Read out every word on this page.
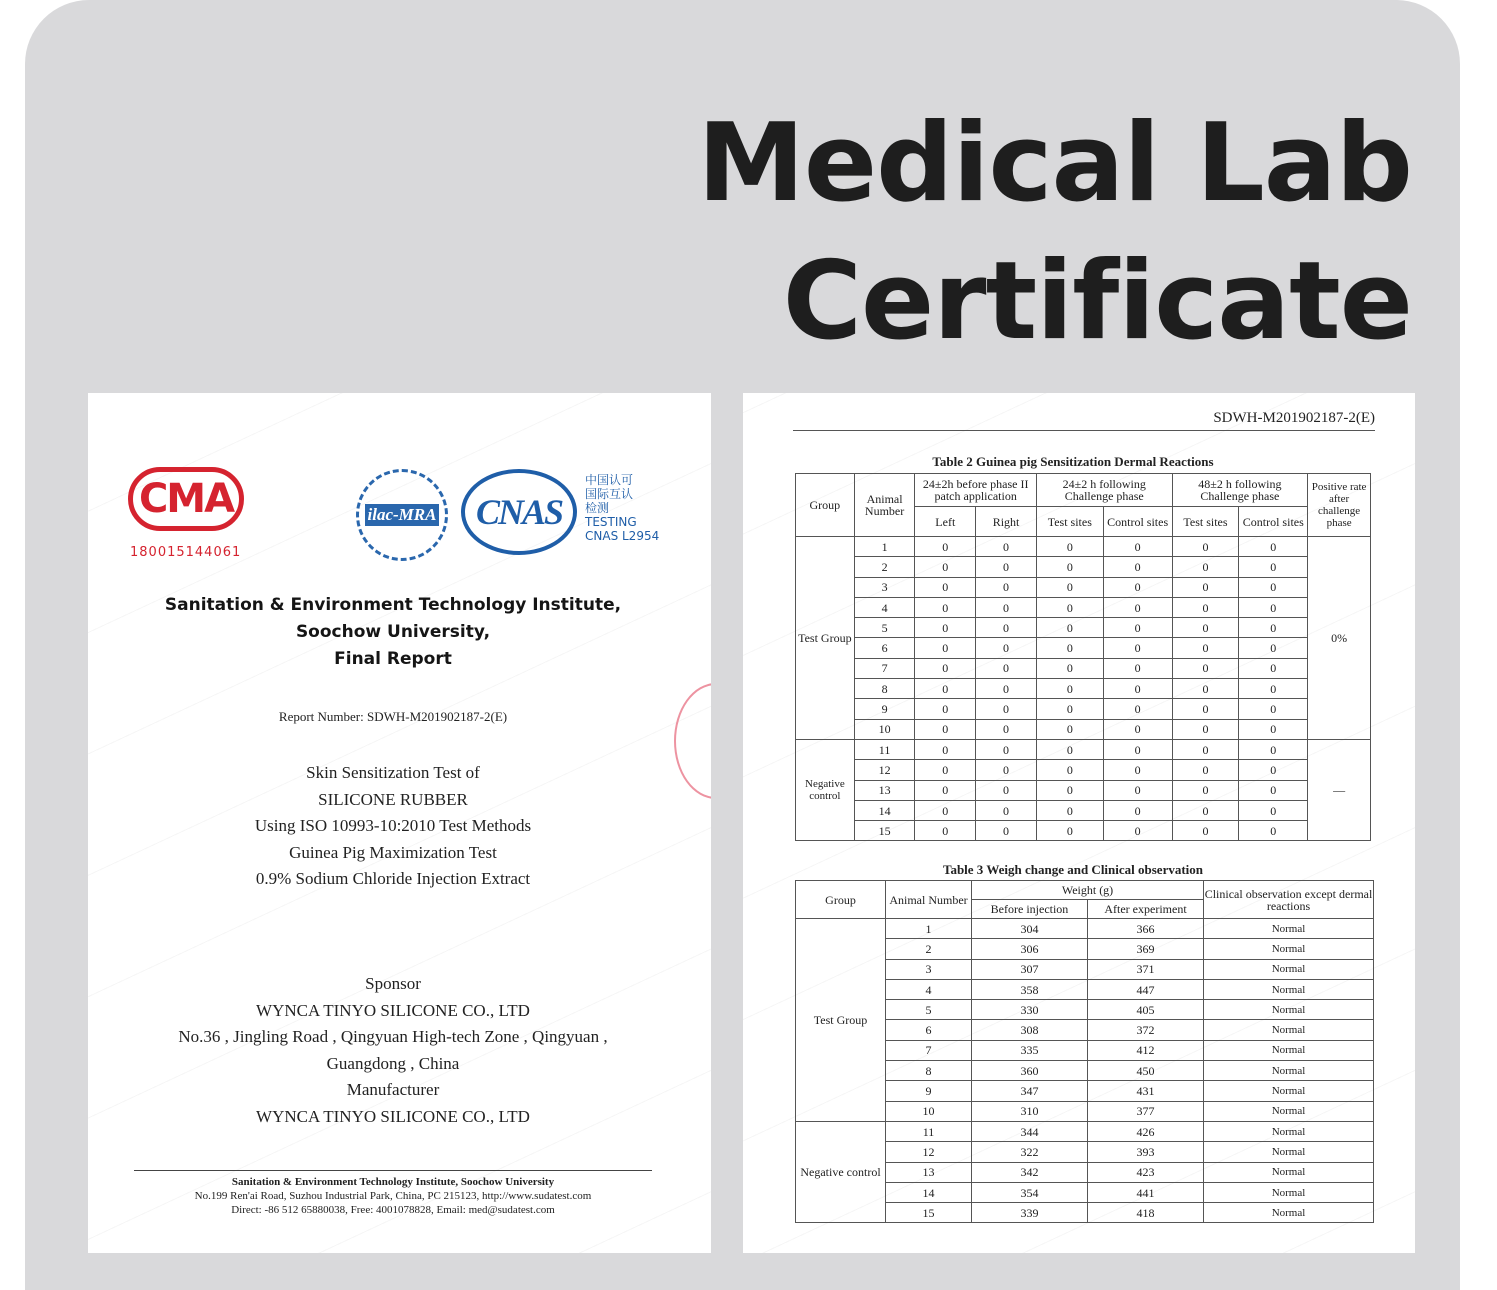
Medical Lab
Certificate
CMA
180015144061
ilac-MRA	CNAS
中国认可
国际互认
检测
TESTING
CNAS L2954
Sanitation & Environment Technology Institute,
Soochow University,
Final Report
Report Number: SDWH-M201902187-2(E)
Skin Sensitization Test of
SILICONE RUBBER
Using ISO 10993-10:2010 Test Methods
Guinea Pig Maximization Test
0.9% Sodium Chloride Injection Extract
Sponsor
WYNCA TINYO SILICONE CO., LTD
No.36 , Jingling Road , Qingyuan High-tech Zone , Qingyuan ,
Guangdong , China
Manufacturer
WYNCA TINYO SILICONE CO., LTD
Sanitation & Environment Technology Institute, Soochow University
No.199 Ren'ai Road, Suzhou Industrial Park, China, PC 215123, http://www.sudatest.com
Direct: -86 512 65880038, Free: 4001078828, Email: med@sudatest.com
SDWH-M201902187-2(E)
Table 2 Guinea pig Sensitization Dermal Reactions
Group	Animal Number	24±2h before phase II patch application		24±2 h following Challenge phase		48±2 h following Challenge phase		Positive rate after challenge phase
		Left	Right	Test sites	Control sites	Test sites	Control sites	
Test Group	1	0	0	0	0	0	0	0%
	2	0	0	0	0	0	0	
	3	0	0	0	0	0	0	
	4	0	0	0	0	0	0	
	5	0	0	0	0	0	0	
	6	0	0	0	0	0	0	
	7	0	0	0	0	0	0	
	8	0	0	0	0	0	0	
	9	0	0	0	0	0	0	
	10	0	0	0	0	0	0	
Negative control	11	0	0	0	0	0	0	—
	12	0	0	0	0	0	0	
	13	0	0	0	0	0	0	
	14	0	0	0	0	0	0	
	15	0	0	0	0	0	0	
Table 3 Weigh change and Clinical observation
Group	Animal Number	Weight (g)		Clinical observation except dermal reactions
		Before injection	After experiment	
Test Group	1	304	366	Normal
	2	306	369	Normal
	3	307	371	Normal
	4	358	447	Normal
	5	330	405	Normal
	6	308	372	Normal
	7	335	412	Normal
	8	360	450	Normal
	9	347	431	Normal
	10	310	377	Normal
Negative control	11	344	426	Normal
	12	322	393	Normal
	13	342	423	Normal
	14	354	441	Normal
	15	339	418	Normal
